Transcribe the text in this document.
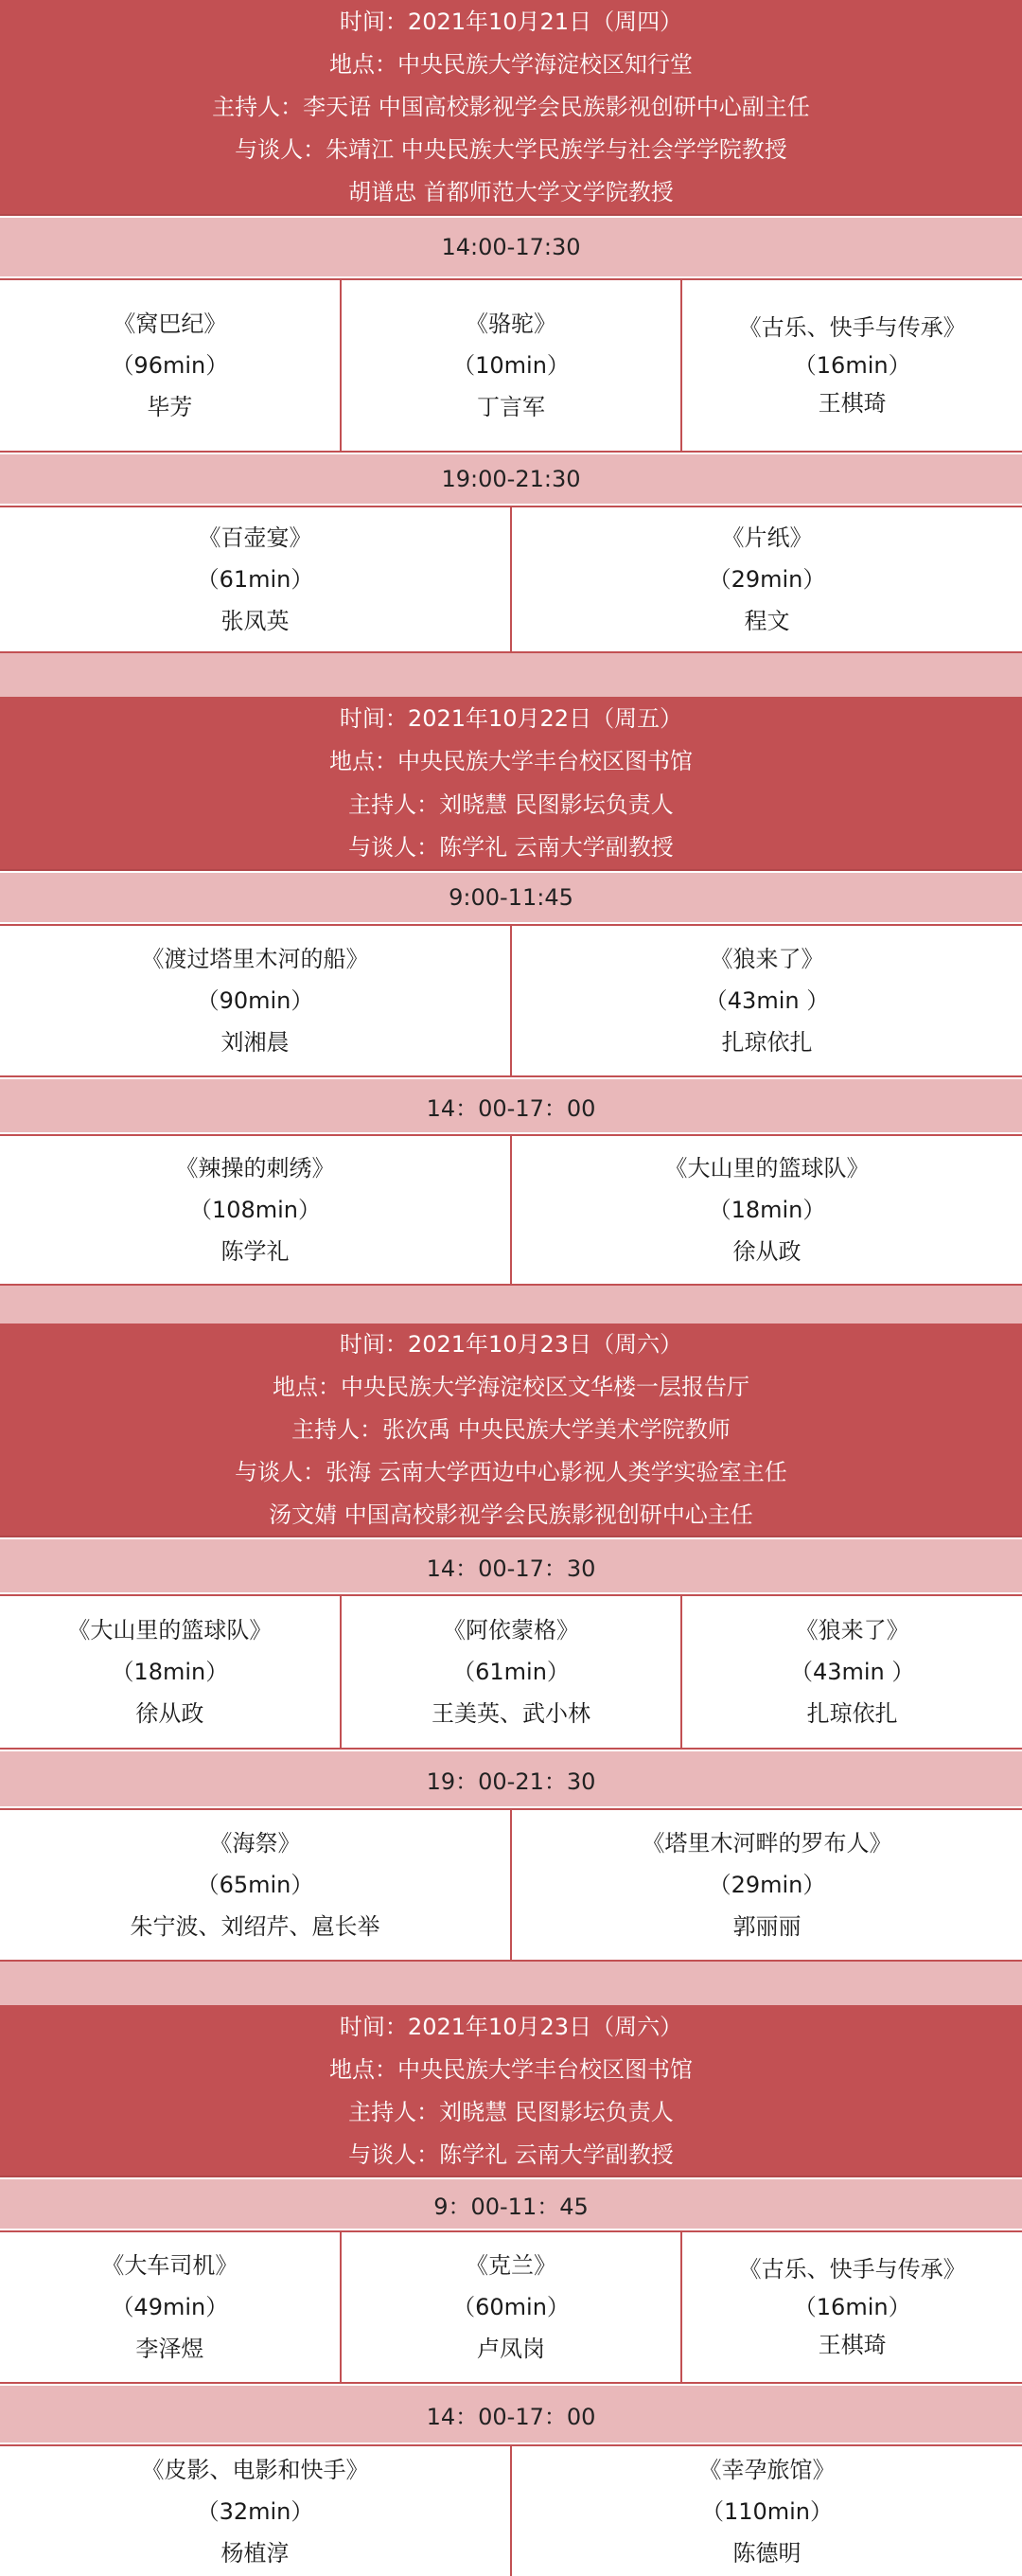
时间：2021年10月21日（周四）
地点：中央民族大学海淀校区知行堂
主持人：李天语 中国高校影视学会民族影视创研中心副主任
与谈人：朱靖江 中央民族大学民族学与社会学学院教授
胡谱忠 首都师范大学文学院教授
14:00-17:30
《窝巴纪》
（96min）
毕芳
《骆驼》
（10min）
丁言军
《古乐、快手与传承》
（16min）
王棋琦
19:00-21:30
《百壶宴》
（61min）
张凤英
《片纸》
（29min）
程文
时间：2021年10月22日（周五）
地点：中央民族大学丰台校区图书馆
主持人：刘晓慧 民图影坛负责人
与谈人：陈学礼 云南大学副教授
9:00-11:45
《渡过塔里木河的船》
（90min）
刘湘晨
《狼来了》
（43min ）
扎琼依扎
14：00-17：00
《辣操的刺绣》
（108min）
陈学礼
《大山里的篮球队》
（18min）
徐从政
时间：2021年10月23日（周六）
地点：中央民族大学海淀校区文华楼一层报告厅
主持人：张次禹 中央民族大学美术学院教师
与谈人：张海 云南大学西边中心影视人类学实验室主任
汤文婧 中国高校影视学会民族影视创研中心主任
14：00-17：30
《大山里的篮球队》
（18min）
徐从政
《阿依蒙格》
（61min）
王美英、武小林
《狼来了》
（43min ）
扎琼依扎
19：00-21：30
《海祭》
（65min）
朱宁波、刘绍芹、扈长举
《塔里木河畔的罗布人》
（29min）
郭丽丽
时间：2021年10月23日（周六）
地点：中央民族大学丰台校区图书馆
主持人：刘晓慧 民图影坛负责人
与谈人：陈学礼 云南大学副教授
9：00-11：45
《大车司机》
（49min）
李泽煜
《克兰》
（60min）
卢凤岗
《古乐、快手与传承》
（16min）
王棋琦
14：00-17：00
《皮影、电影和快手》
（32min）
杨植淳
《幸孕旅馆》
（110min）
陈德明
